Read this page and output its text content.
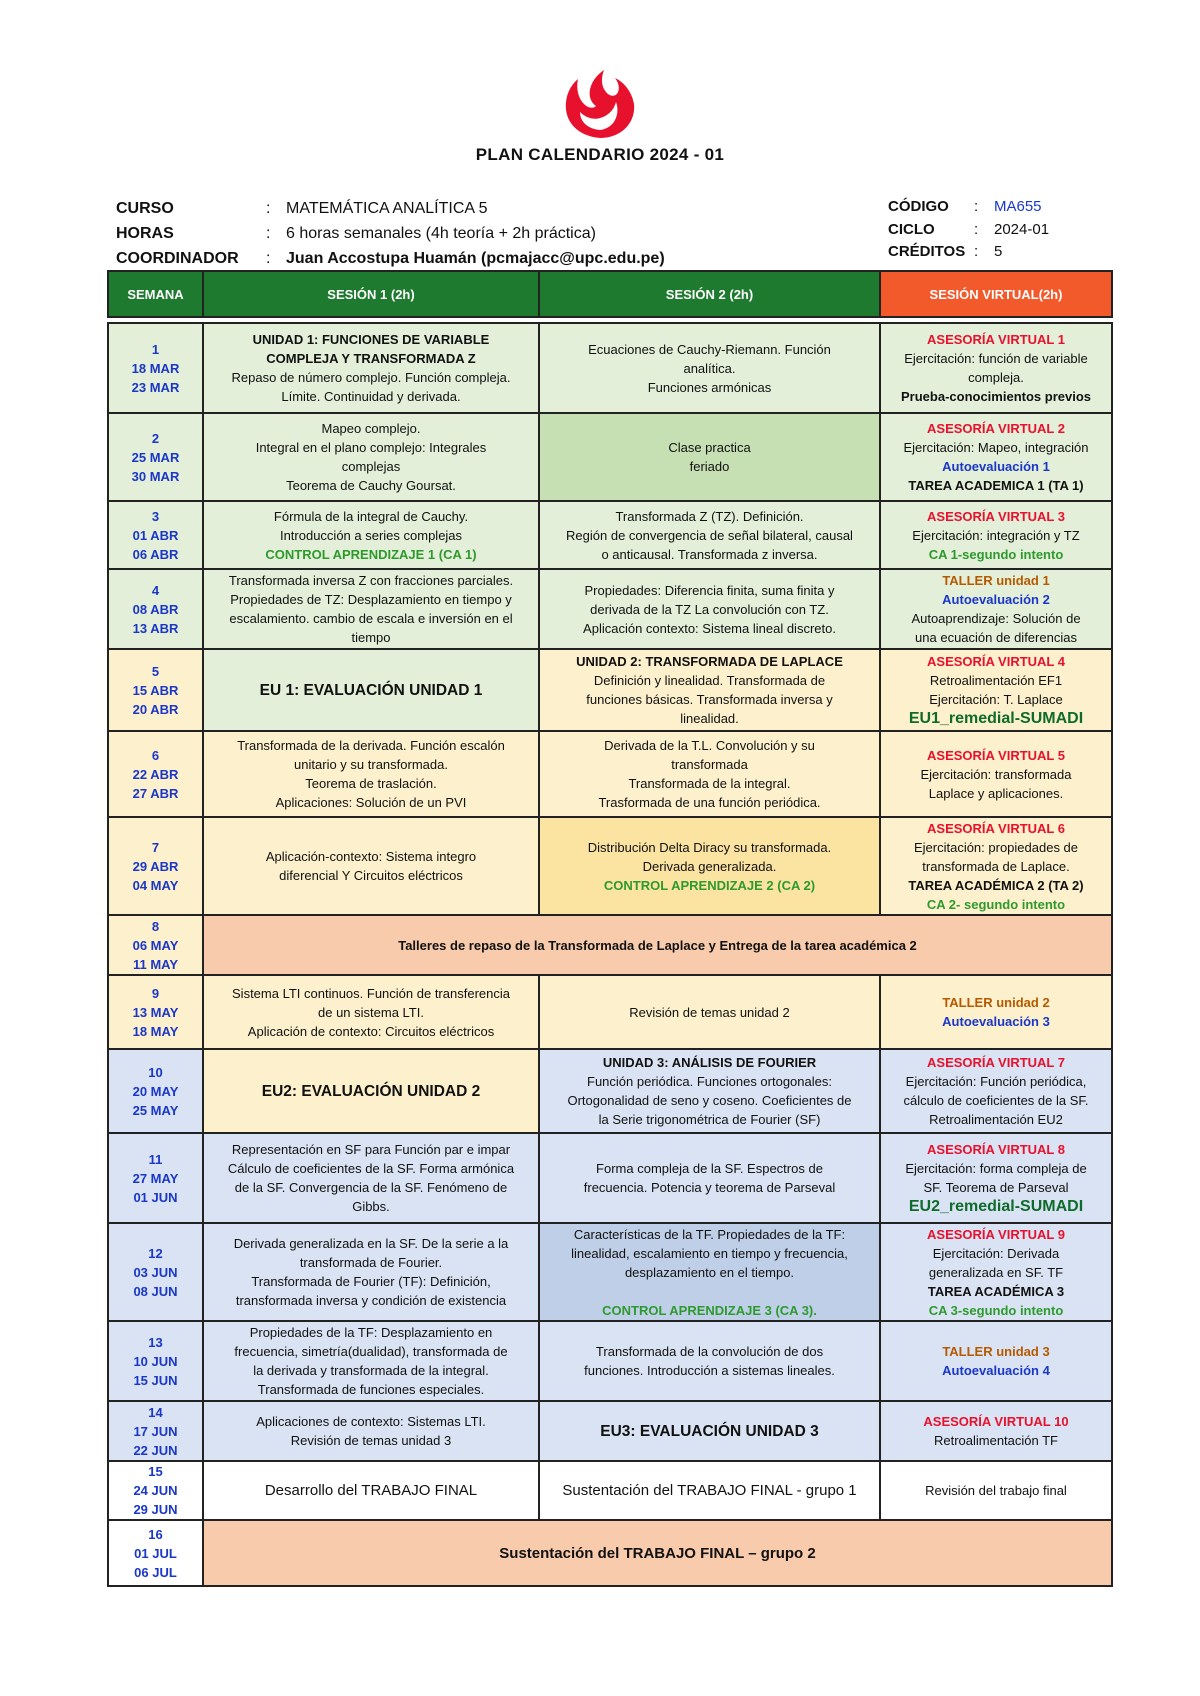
PLAN CALENDARIO 2024 - 01
CURSO	: MATEMÁTICA ANALÍTICA 5
HORAS	: 6 horas semanales (4h teoría + 2h práctica)
COORDINADOR	: Juan Accostupa Huamán (pcmajacc@upc.edu.pe)
CÓDIGO	:	MA655
CICLO	:	2024-01
CRÉDITOS :	5
SEMANA	SESIÓN 1 (2h)	SESIÓN 2 (2h)	SESIÓN VIRTUAL(2h)

1
18 MAR
23 MAR	UNIDAD 1: FUNCIONES DE VARIABLE
COMPLEJA Y TRANSFORMADA Z
Repaso de número complejo. Función compleja.
Límite. Continuidad y derivada.	Ecuaciones de Cauchy-Riemann. Función
analítica.
Funciones armónicas	ASESORÍA VIRTUAL 1
Ejercitación: función de variable
compleja.
Prueba-conocimientos previos

2
25 MAR
30 MAR	Mapeo complejo.
Integral en el plano complejo: Integrales
complejas
Teorema de Cauchy Goursat.	Clase practica
feriado	ASESORÍA VIRTUAL 2
Ejercitación: Mapeo, integración
Autoevaluación 1
TAREA ACADEMICA 1 (TA 1)

3
01 ABR
06 ABR	Fórmula de la integral de Cauchy.
Introducción a series complejas
CONTROL APRENDIZAJE 1 (CA 1)	Transformada Z (TZ). Definición.
Región de convergencia de señal bilateral, causal
o anticausal. Transformada z inversa.	ASESORÍA VIRTUAL 3
Ejercitación: integración y TZ
CA 1-segundo intento

4
08 ABR
13 ABR	Transformada inversa Z con fracciones parciales.
Propiedades de TZ: Desplazamiento en tiempo y
escalamiento. cambio de escala e inversión en el
tiempo	Propiedades: Diferencia finita, suma finita y
derivada de la TZ La convolución con TZ.
Aplicación contexto: Sistema lineal discreto.	TALLER unidad 1
Autoevaluación 2
Autoaprendizaje: Solución de
una ecuación de diferencias

5
15 ABR
20 ABR	EU 1: EVALUACIÓN UNIDAD 1	UNIDAD 2: TRANSFORMADA DE LAPLACE
Definición y linealidad. Transformada de
funciones básicas. Transformada inversa y
linealidad.	ASESORÍA VIRTUAL 4
Retroalimentación EF1
Ejercitación: T. Laplace
EU1_remedial-SUMADI

6
22 ABR
27 ABR	Transformada de la derivada. Función escalón
unitario y su transformada.
Teorema de traslación.
Aplicaciones: Solución de un PVI	Derivada de la T.L. Convolución y su
transformada
Transformada de la integral.
Trasformada de una función periódica.	ASESORÍA VIRTUAL 5
Ejercitación: transformada
Laplace y aplicaciones.

7
29 ABR
04 MAY	Aplicación-contexto: Sistema integro
diferencial Y Circuitos eléctricos	Distribución Delta Diracy su transformada.
Derivada generalizada.
CONTROL APRENDIZAJE 2 (CA 2)	ASESORÍA VIRTUAL 6
Ejercitación: propiedades de
transformada de Laplace.
TAREA ACADÉMICA 2 (TA 2)
CA 2- segundo intento

8
06 MAY
11 MAY	Talleres de repaso de la Transformada de Laplace y Entrega de la tarea académica 2		

9
13 MAY
18 MAY	Sistema LTI continuos. Función de transferencia
de un sistema LTI.
Aplicación de contexto: Circuitos eléctricos	Revisión de temas unidad 2	TALLER unidad 2
Autoevaluación 3

10
20 MAY
25 MAY	EU2: EVALUACIÓN UNIDAD 2	UNIDAD 3: ANÁLISIS DE FOURIER
Función periódica. Funciones ortogonales:
Ortogonalidad de seno y coseno. Coeficientes de
la Serie trigonométrica de Fourier (SF)	ASESORÍA VIRTUAL 7
Ejercitación: Función periódica,
cálculo de coeficientes de la SF.
Retroalimentación EU2

11
27 MAY
01 JUN	Representación en SF para Función par e impar
Cálculo de coeficientes de la SF. Forma armónica
de la SF. Convergencia de la SF. Fenómeno de
Gibbs.	Forma compleja de la SF. Espectros de
frecuencia. Potencia y teorema de Parseval	ASESORÍA VIRTUAL 8
Ejercitación: forma compleja de
SF. Teorema de Parseval
EU2_remedial-SUMADI

12
03 JUN
08 JUN	Derivada generalizada en la SF. De la serie a la
transformada de Fourier.
Transformada de Fourier (TF): Definición,
transformada inversa y condición de existencia	Características de la TF. Propiedades de la TF:
linealidad, escalamiento en tiempo y frecuencia,
desplazamiento en el tiempo.

CONTROL APRENDIZAJE 3 (CA 3).	ASESORÍA VIRTUAL 9
Ejercitación: Derivada
generalizada en SF. TF
TAREA ACADÉMICA 3
CA 3-segundo intento

13
10 JUN
15 JUN	Propiedades de la TF: Desplazamiento en
frecuencia, simetría(dualidad), transformada de
la derivada y transformada de la integral.
Transformada de funciones especiales.	Transformada de la convolución de dos
funciones. Introducción a sistemas lineales.	TALLER unidad 3
Autoevaluación 4

14
17 JUN
22 JUN	Aplicaciones de contexto: Sistemas LTI.
Revisión de temas unidad 3	EU3: EVALUACIÓN UNIDAD 3	ASESORÍA VIRTUAL 10
Retroalimentación TF

15
24 JUN
29 JUN	Desarrollo del TRABAJO FINAL	Sustentación del TRABAJO FINAL - grupo 1	Revisión del trabajo final

16
01 JUL
06 JUL	Sustentación del TRABAJO FINAL – grupo 2		
